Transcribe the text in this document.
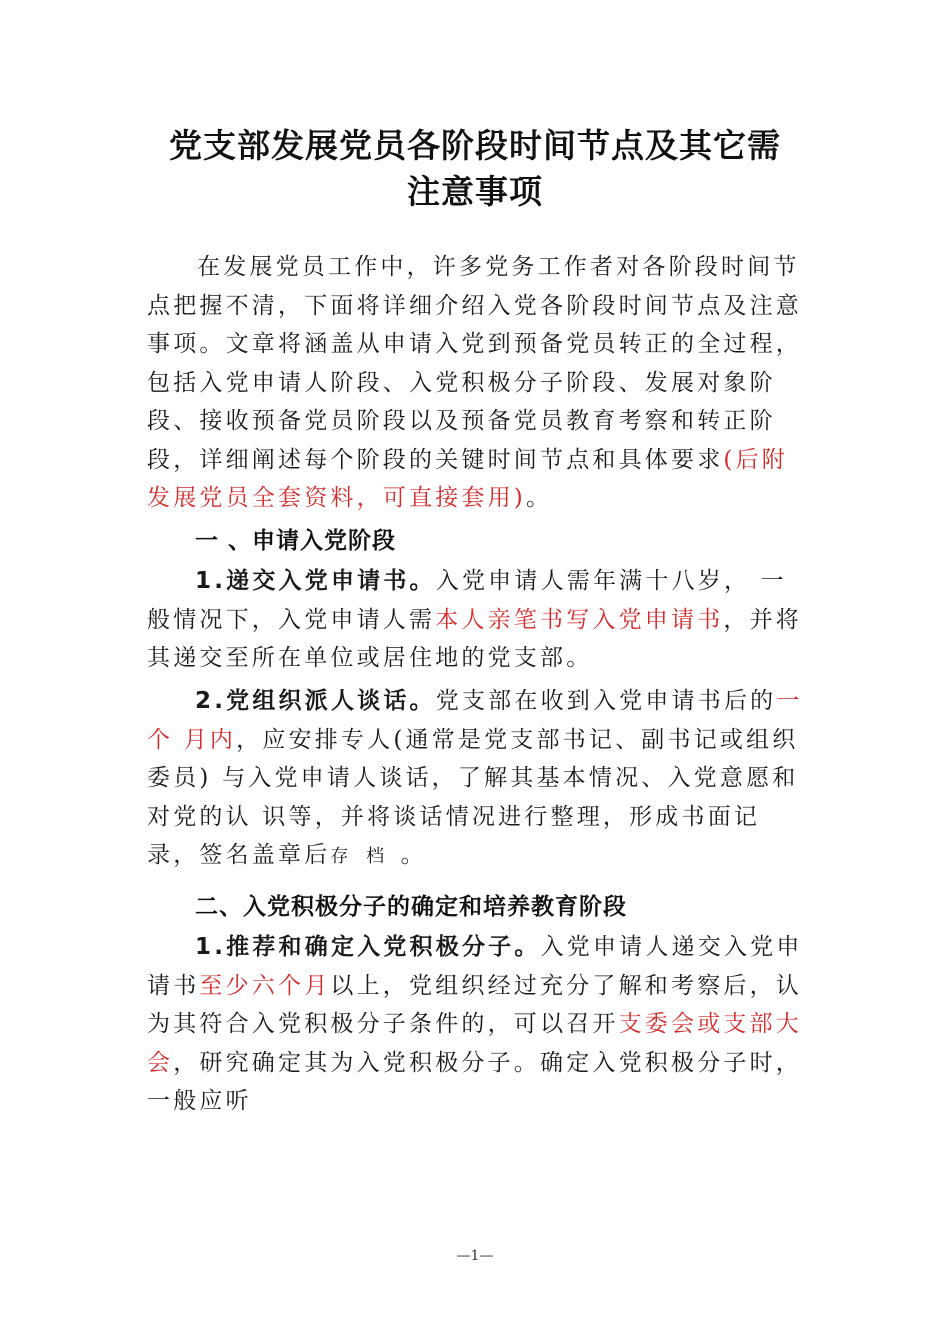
党支部发展党员各阶段时间节点及其它需
注意事项
在发展党员工作中，许多党务工作者对各阶段时间节点把握不清，下面将详细介绍入党各阶段时间节点及注意事项。文章将涵盖从申请入党到预备党员转正的全过程，包括入党申请人阶段、入党积极分子阶段、发展对象阶段、接收预备党员阶段以及预备党员教育考察和转正阶段，详细阐述每个阶段的关键时间节点和具体要求(后附发展党员全套资料，可直接套用)。
一 、申请入党阶段
1.递交入党申请书。入党申请人需年满十八岁， 一般情况下，入党申请人需本人亲笔书写入党申请书，并将其递交至所在单位或居住地的党支部。
2.党组织派人谈话。党支部在收到入党申请书后的一个 月内，应安排专人(通常是党支部书记、副书记或组织委员) 与入党申请人谈话，了解其基本情况、入党意愿和对党的认 识等，并将谈话情况进行整理，形成书面记录，签名盖章后存 档 。
二、入党积极分子的确定和培养教育阶段
1.推荐和确定入党积极分子。入党申请人递交入党申请书至少六个月以上，党组织经过充分了解和考察后，认为其符合入党积极分子条件的，可以召开支委会或支部大会，研究确定其为入党积极分子。确定入党积极分子时， 一般应听
—1—
